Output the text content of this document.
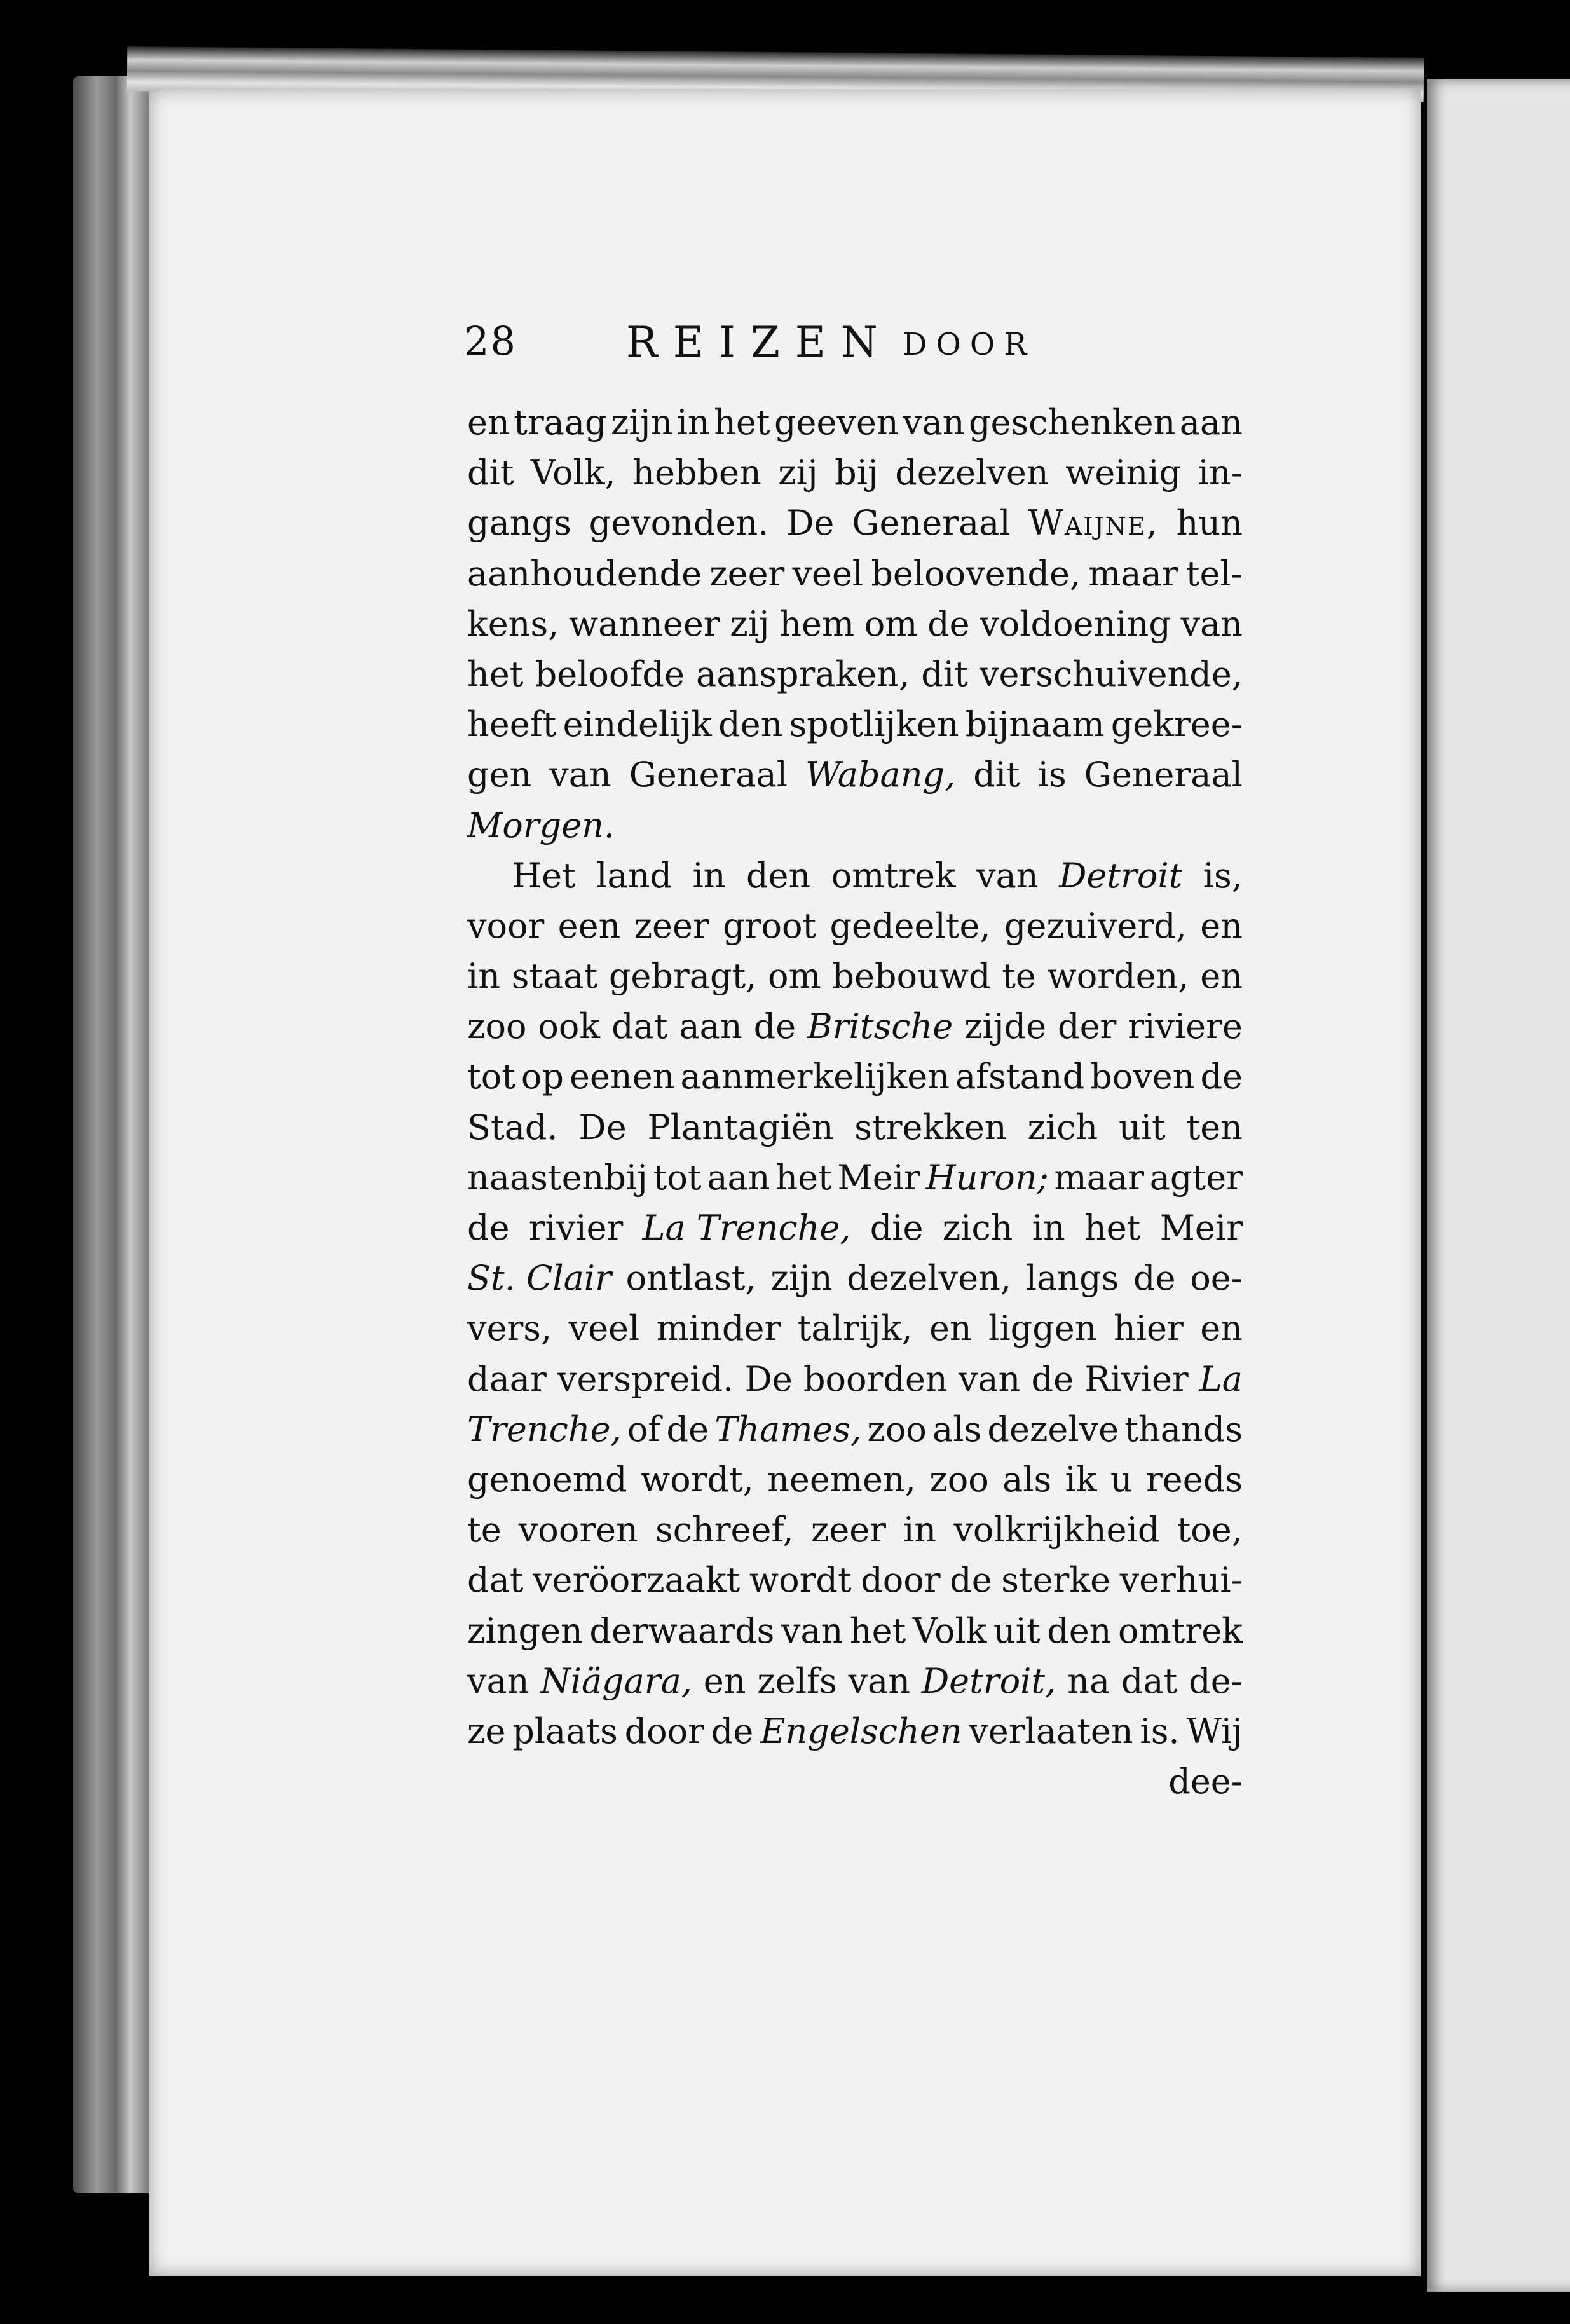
28	REIZEN DOOR
en traag zijn in het geeven van geschenken aan
dit Volk, hebben zij bij dezelven weinig in-
gangs gevonden. De Generaal Waijne, hun
aanhoudende zeer veel beloovende, maar tel-
kens, wanneer zij hem om de voldoening van
het beloofde aanspraken, dit verschuivende,
heeft eindelijk den spotlijken bijnaam gekree-
gen van Generaal Wabang, dit is Generaal
Morgen.
Het land in den omtrek van Detroit is,
voor een zeer groot gedeelte, gezuiverd, en
in staat gebragt, om bebouwd te worden, en
zoo ook dat aan de Britsche zijde der riviere
tot op eenen aanmerkelijken afstand boven de
Stad. De Plantagiën strekken zich uit ten
naastenbij tot aan het Meir Huron; maar agter
de rivier La Trenche, die zich in het Meir
St. Clair ontlast, zijn dezelven, langs de oe-
vers, veel minder talrijk, en liggen hier en
daar verspreid. De boorden van de Rivier La
Trenche, of de Thames, zoo als dezelve thands
genoemd wordt, neemen, zoo als ik u reeds
te vooren schreef, zeer in volkrijkheid toe,
dat veröorzaakt wordt door de sterke verhui-
zingen derwaards van het Volk uit den omtrek
van Niägara, en zelfs van Detroit, na dat de-
ze plaats door de Engelschen verlaaten is. Wij
dee-
